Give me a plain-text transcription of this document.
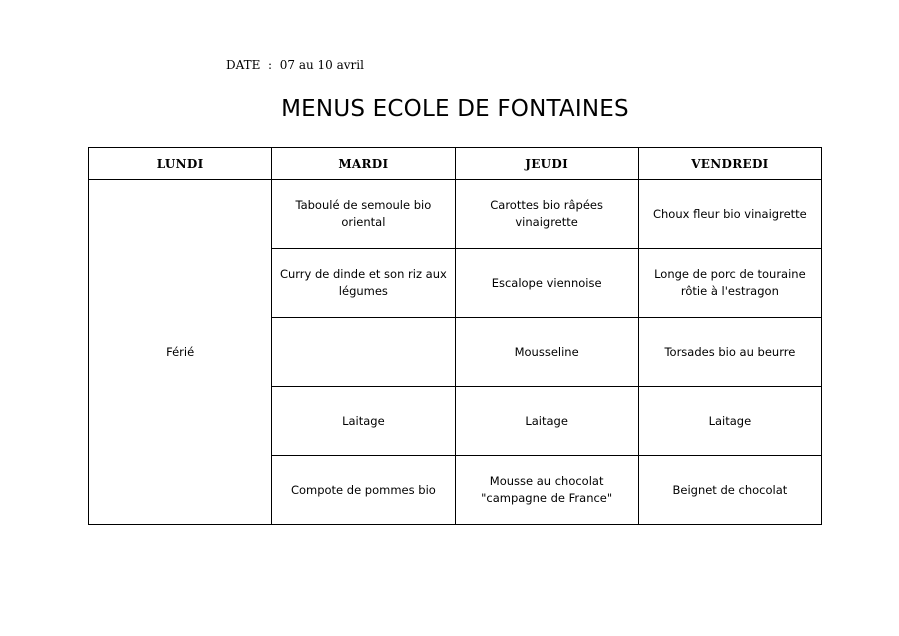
DATE : 07 au 10 avril
MENUS ECOLE DE FONTAINES
LUNDI	MARDI	JEUDI	VENDREDI
Férié	Taboulé de semoule bio oriental	Carottes bio râpées vinaigrette	Choux fleur bio vinaigrette
	Curry de dinde et son riz aux légumes	Escalope viennoise	Longe de porc de touraine rôtie à l'estragon
		Mousseline	Torsades bio au beurre
	Laitage	Laitage	Laitage
	Compote de pommes bio	Mousse au chocolat "campagne de France"	Beignet de chocolat
